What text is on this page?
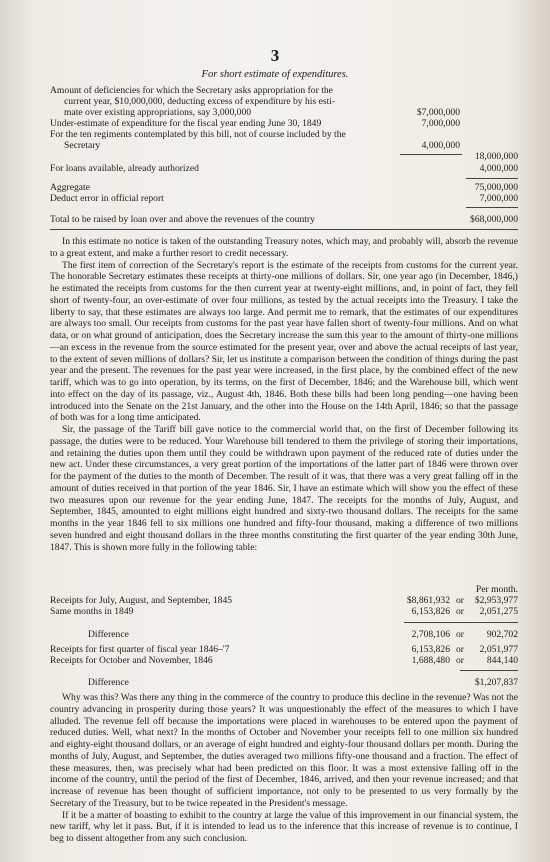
3
For short estimate of expenditures.
Amount of deficiencies for which the Secretary asks appropriation for the
current year, $10,000,000, deducting excess of expenditure by his esti-
mate over existing appropriations, say 3,000,000	$7,000,000
Under-estimate of expenditure for the fiscal year ending June 30, 1849	7,000,000
For the ten regiments contemplated by this bill, not of course included by the
Secretary	4,000,000
18,000,000
For loans available, already authorized	4,000,000
Aggregate	75,000,000
Deduct error in official report	7,000,000
Total to be raised by loan over and above the revenues of the country	$68,000,000

In this estimate no notice is taken of the outstanding Treasury notes, which may, and probably will, absorb the revenue to a great extent, and make a further resort to credit necessary.

The first item of correction of the Secretary's report is the estimate of the receipts from customs for the current year. The honorable Secretary estimates these receipts at thirty-one millions of dollars. Sir, one year ago (in December, 1846,) he estimated the receipts from customs for the then current year at twenty-eight millions, and, in point of fact, they fell short of twenty-four, an over-estimate of over four millions, as tested by the actual receipts into the Treasury. I take the liberty to say, that these estimates are always too large. And permit me to remark, that the estimates of our expenditures are always too small. Our receipts from customs for the past year have fallen short of twenty-four millions. And on what data, or on what ground of anticipation, does the Secretary increase the sum this year to the amount of thirty-one millions—an excess in the revenue from the source estimated for the present year, over and above the actual receipts of last year, to the extent of seven millions of dollars? Sir, let us institute a comparison between the condition of things during the past year and the present. The revenues for the past year were increased, in the first place, by the combined effect of the new tariff, which was to go into operation, by its terms, on the first of December, 1846; and the Warehouse bill, which went into effect on the day of its passage, viz., August 4th, 1846. Both these bills had been long pending—one having been introduced into the Senate on the 21st January, and the other into the House on the 14th April, 1846; so that the passage of both was for a long time anticipated.

Sir, the passage of the Tariff bill gave notice to the commercial world that, on the first of December following its passage, the duties were to be reduced. Your Warehouse bill tendered to them the privilege of storing their importations, and retaining the duties upon them until they could be withdrawn upon payment of the reduced rate of duties under the new act. Under these circumstances, a very great portion of the importations of the latter part of 1846 were thrown over for the payment of the duties to the month of December. The result of it was, that there was a very great falling off in the amount of duties received in that portion of the year 1846. Sir, I have an estimate which will show you the effect of these two measures upon our revenue for the year ending June, 1847. The receipts for the months of July, August, and September, 1845, amounted to eight millions eight hundred and sixty-two thousand dollars. The receipts for the same months in the year 1846 fell to six millions one hundred and fifty-four thousand, making a difference of two millions seven hundred and eight thousand dollars in the three months constituting the first quarter of the year ending 30th June, 1847. This is shown more fully in the following table:

Per month.
Receipts for July, August, and September, 1845	$8,861,932 or $2,953,977
Same months in 1849	6,153,826 or 2,051,275
Difference	2,708,106 or 902,702
Receipts for first quarter of fiscal year 1846–'7	6,153,826 or 2,051,977
Receipts for October and November, 1846	1,688,480 or 844,140
Difference	$1,207,837

Why was this? Was there any thing in the commerce of the country to produce this decline in the revenue? Was not the country advancing in prosperity during those years? It was unquestionably the effect of the measures to which I have alluded. The revenue fell off because the importations were placed in warehouses to be entered upon the payment of reduced duties. Well, what next? In the months of October and November your receipts fell to one million six hundred and eighty-eight thousand dollars, or an average of eight hundred and eighty-four thousand dollars per month. During the months of July, August, and September, the duties averaged two millions fifty-one thousand and a fraction. The effect of these measures, then, was precisely what had been predicted on this floor. It was a most extensive falling off in the income of the country, until the period of the first of December, 1846, arrived, and then your revenue increased; and that increase of revenue has been thought of sufficient importance, not only to be presented to us very formally by the Secretary of the Treasury, but to be twice repeated in the President's message.

If it be a matter of boasting to exhibit to the country at large the value of this improvement in our financial system, the new tariff, why let it pass. But, if it is intended to lead us to the inference that this increase of revenue is to continue, I beg to dissent altogether from any such conclusion.
